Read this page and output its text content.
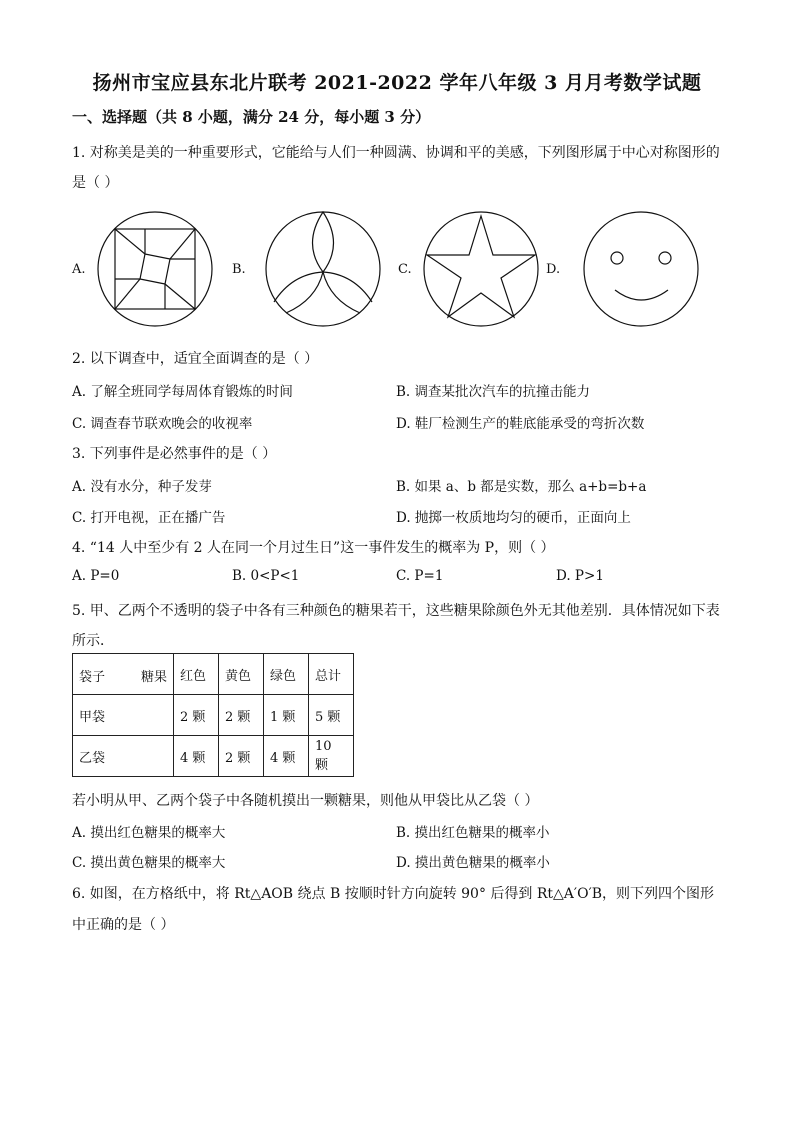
扬州市宝应县东北片联考 2021-2022 学年八年级 3 月月考数学试题
一、选择题（共 8 小题，满分 24 分，每小题 3 分）
1. 对称美是美的一种重要形式，它能给与人们一种圆满、协调和平的美感，下列图形属于中心对称图形的
是（ ）
A.	B.	C.	D.
2. 以下调查中，适宜全面调查的是（ ）
A. 了解全班同学每周体育锻炼的时间	B. 调查某批次汽车的抗撞击能力
C. 调查春节联欢晚会的收视率	D. 鞋厂检测生产的鞋底能承受的弯折次数
3. 下列事件是必然事件的是（ ）
A. 没有水分，种子发芽	B. 如果 a、b 都是实数，那么 a+b=b+a
C. 打开电视，正在播广告	D. 抛掷一枚质地均匀的硬币，正面向上
4. “14 人中至少有 2 人在同一个月过生日”这一事件发生的概率为 P，则（ ）
A. P=0	B. 0<P<1	C. P=1	D. P>1
5. 甲、乙两个不透明的袋子中各有三种颜色的糖果若干，这些糖果除颜色外无其他差别．具体情况如下表
所示．
袋子 糖果	红色	黄色	绿色	总计
甲袋	2 颗	2 颗	1 颗	5 颗
乙袋	4 颗	2 颗	4 颗	10 颗
若小明从甲、乙两个袋子中各随机摸出一颗糖果，则他从甲袋比从乙袋（ ）
A. 摸出红色糖果的概率大	B. 摸出红色糖果的概率小
C. 摸出黄色糖果的概率大	D. 摸出黄色糖果的概率小
6. 如图，在方格纸中，将 Rt△AOB 绕点 B 按顺时针方向旋转 90° 后得到 Rt△A′O′B，则下列四个图形
中正确的是（ ）
